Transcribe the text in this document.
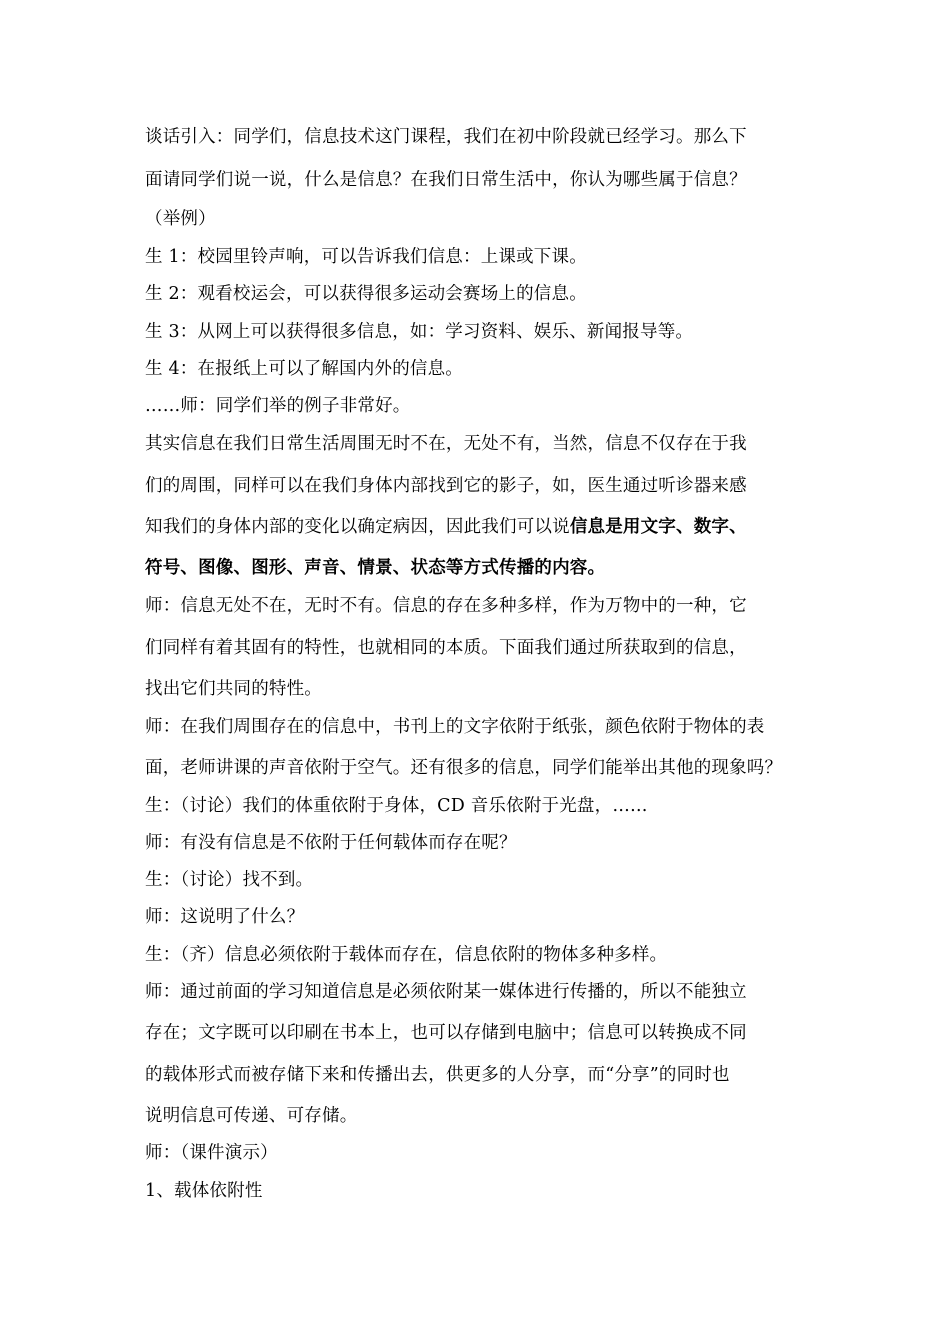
谈话引入：同学们，信息技术这门课程，我们在初中阶段就已经学习。那么下

面请同学们说一说，什么是信息？在我们日常生活中，你认为哪些属于信息？

（举例）

生 1：校园里铃声响，可以告诉我们信息：上课或下课。

生 2：观看校运会，可以获得很多运动会赛场上的信息。

生 3：从网上可以获得很多信息，如：学习资料、娱乐、新闻报导等。

生 4：在报纸上可以了解国内外的信息。

……师：同学们举的例子非常好。

其实信息在我们日常生活周围无时不在，无处不有，当然，信息不仅存在于我

们的周围，同样可以在我们身体内部找到它的影子，如，医生通过听诊器来感

知我们的身体内部的变化以确定病因，因此我们可以说信息是用文字、数字、

符号、图像、图形、声音、情景、状态等方式传播的内容。

师：信息无处不在，无时不有。信息的存在多种多样，作为万物中的一种，它

们同样有着其固有的特性，也就相同的本质。下面我们通过所获取到的信息，

找出它们共同的特性。

师：在我们周围存在的信息中，书刊上的文字依附于纸张，颜色依附于物体的表

面，老师讲课的声音依附于空气。还有很多的信息，同学们能举出其他的现象吗？

生：（讨论）我们的体重依附于身体，CD 音乐依附于光盘，……

师：有没有信息是不依附于任何载体而存在呢？

生：（讨论）找不到。

师：这说明了什么？

生：（齐）信息必须依附于载体而存在，信息依附的物体多种多样。

师：通过前面的学习知道信息是必须依附某一媒体进行传播的，所以不能独立

存在；文字既可以印刷在书本上，也可以存储到电脑中；信息可以转换成不同

的载体形式而被存储下来和传播出去，供更多的人分享，而“分享”的同时也

说明信息可传递、可存储。

师：（课件演示）

1、载体依附性
